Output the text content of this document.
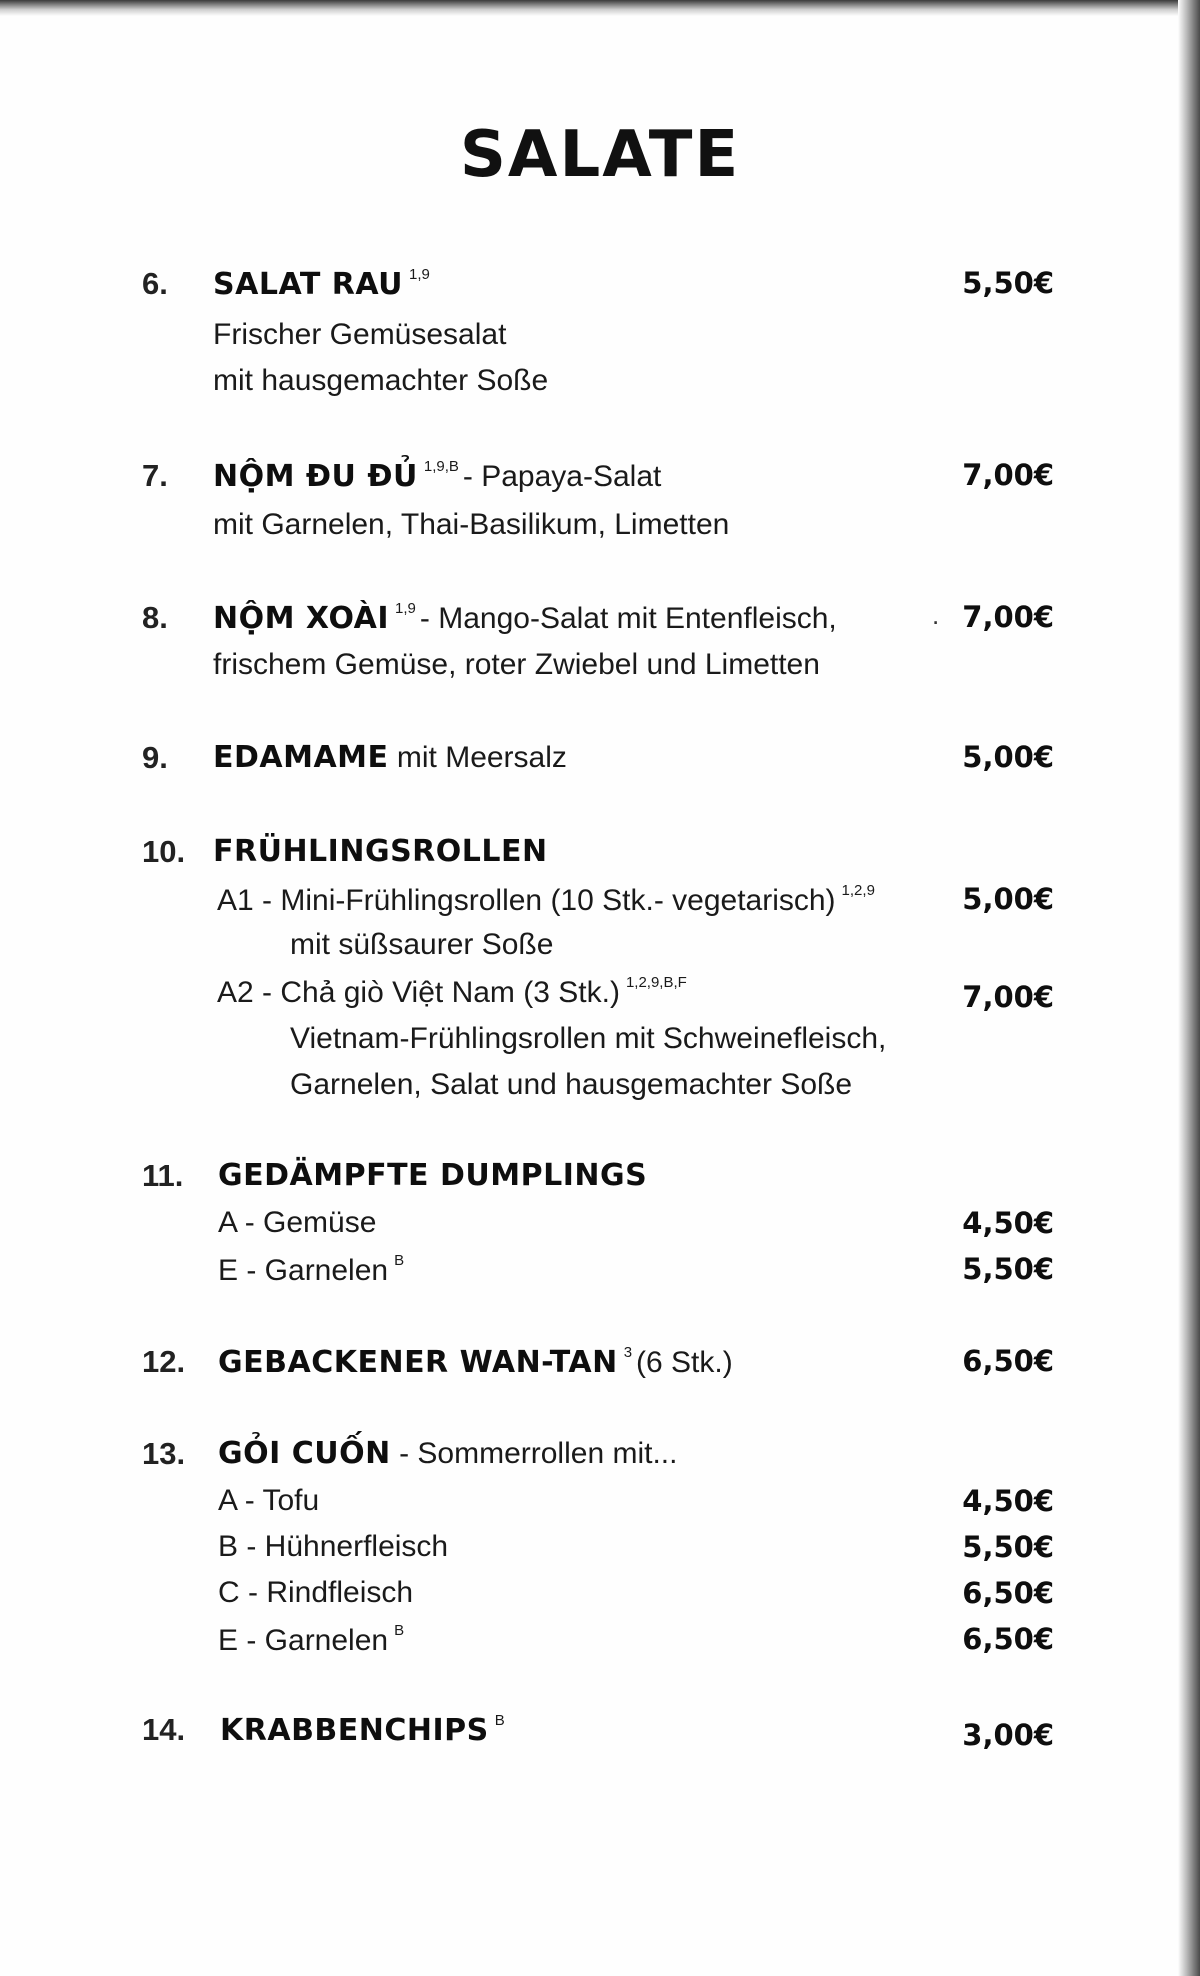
SALATE
6.	SALAT RAU $^{1,9}$	5,50€
Frischer Gemüsesalat
mit hausgemachter Soße
7.	NỘM ĐU ĐỦ $^{1,9,B}$ - Papaya-Salat	7,00€
mit Garnelen, Thai-Basilikum, Limetten
8.	NỘM XOÀI $^{1,9}$ - Mango-Salat mit Entenfleisch,	. 7,00€
frischem Gemüse, roter Zwiebel und Limetten
9.	EDAMAME mit Meersalz	5,00€
10. FRÜHLINGSROLLEN
A1 - Mini-Frühlingsrollen (10 Stk.- vegetarisch) $^{1,2,9}$	5,00€
mit süßsaurer Soße
A2 - Chả giò Việt Nam (3 Stk.) $^{1,2,9,B,F}$	7,00€
Vietnam-Frühlingsrollen mit Schweinefleisch,
Garnelen, Salat und hausgemachter Soße
11.	GEDÄMPFTE DUMPLINGS
A - Gemüse	4,50€
E - Garnelen $^B$	5,50€
12.	GEBACKENER WAN-TAN $^3$ (6 Stk.)	6,50€
13.	GỎI CUỐN - Sommerrollen mit...
A - Tofu	4,50€
B - Hühnerfleisch	5,50€
C - Rindfleisch	6,50€
E - Garnelen $^B$	6,50€
14.	KRABBENCHIPS $^B$	3,00€
